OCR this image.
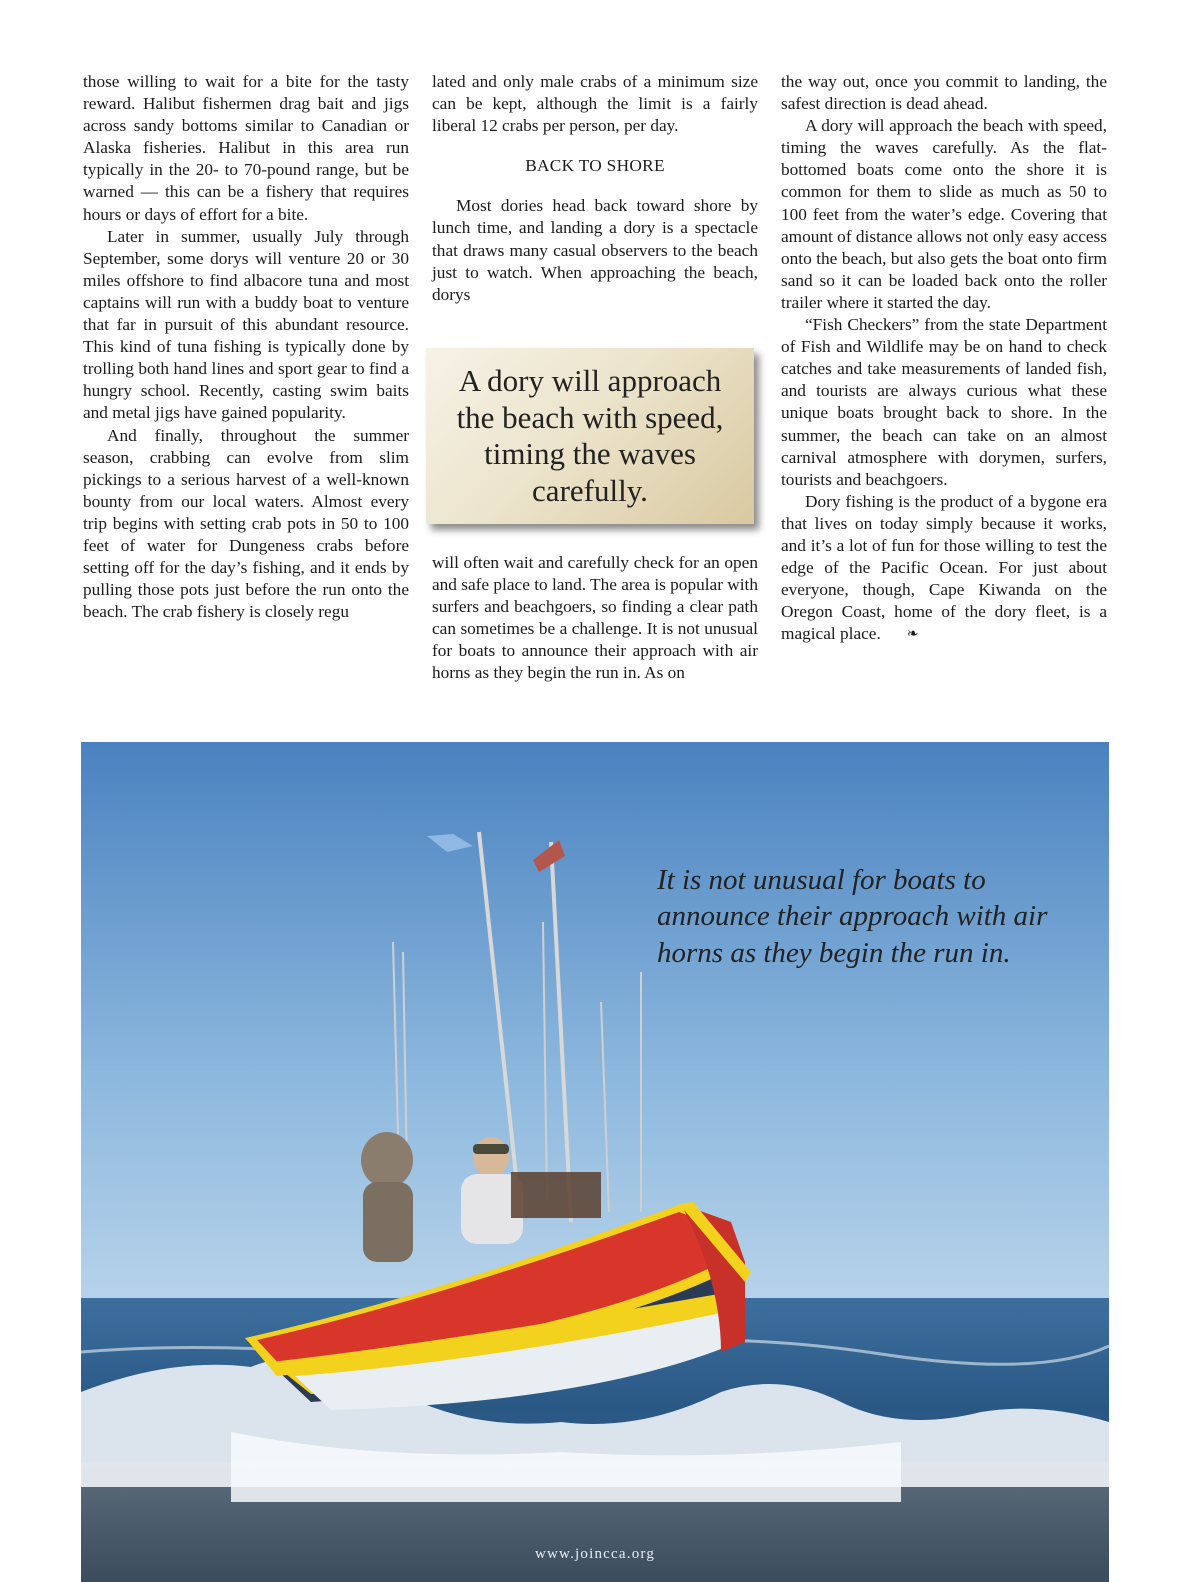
those willing to wait for a bite for the tasty reward. Halibut fishermen drag bait and jigs across sandy bottoms similar to Canadian or Alaska fisheries. Halibut in this area run typically in the 20- to 70-pound range, but be warned — this can be a fishery that requires hours or days of effort for a bite.

Later in summer, usually July through September, some dorys will venture 20 or 30 miles offshore to find albacore tuna and most captains will run with a buddy boat to venture that far in pursuit of this abundant resource. This kind of tuna fishing is typically done by trolling both hand lines and sport gear to find a hungry school. Recently, casting swim baits and metal jigs have gained popularity.

And finally, throughout the summer season, crabbing can evolve from slim pickings to a serious harvest of a well-known bounty from our local waters. Almost every trip begins with setting crab pots in 50 to 100 feet of water for Dungeness crabs before setting off for the day’s fishing, and it ends by pulling those pots just before the run onto the beach. The crab fishery is closely regu

lated and only male crabs of a minimum size can be kept, although the limit is a fairly liberal 12 crabs per person, per day.

BACK TO SHORE

Most dories head back toward shore by lunch time, and landing a dory is a spectacle that draws many casual observers to the beach just to watch. When approaching the beach, dorys

A dory will approach the beach with speed, timing the waves carefully.

will often wait and carefully check for an open and safe place to land. The area is popular with surfers and beachgoers, so finding a clear path can sometimes be a challenge. It is not unusual for boats to announce their approach with air horns as they begin the run in. As on

the way out, once you commit to landing, the safest direction is dead ahead.

A dory will approach the beach with speed, timing the waves carefully. As the flat-bottomed boats come onto the shore it is common for them to slide as much as 50 to 100 feet from the water’s edge. Covering that amount of distance allows not only easy access onto the beach, but also gets the boat onto firm sand so it can be loaded back onto the roller trailer where it started the day.

“Fish Checkers” from the state Department of Fish and Wildlife may be on hand to check catches and take measurements of landed fish, and tourists are always curious what these unique boats brought back to shore. In the summer, the beach can take on an almost carnival atmosphere with dorymen, surfers, tourists and beachgoers.

Dory fishing is the product of a bygone era that lives on today simply because it works, and it’s a lot of fun for those willing to test the edge of the Pacific Ocean. For just about everyone, though, Cape Kiwanda on the Oregon Coast, home of the dory fleet, is a magical place. ❧

It is not unusual for boats to announce their approach with air horns as they begin the run in.
www.joincca.org
